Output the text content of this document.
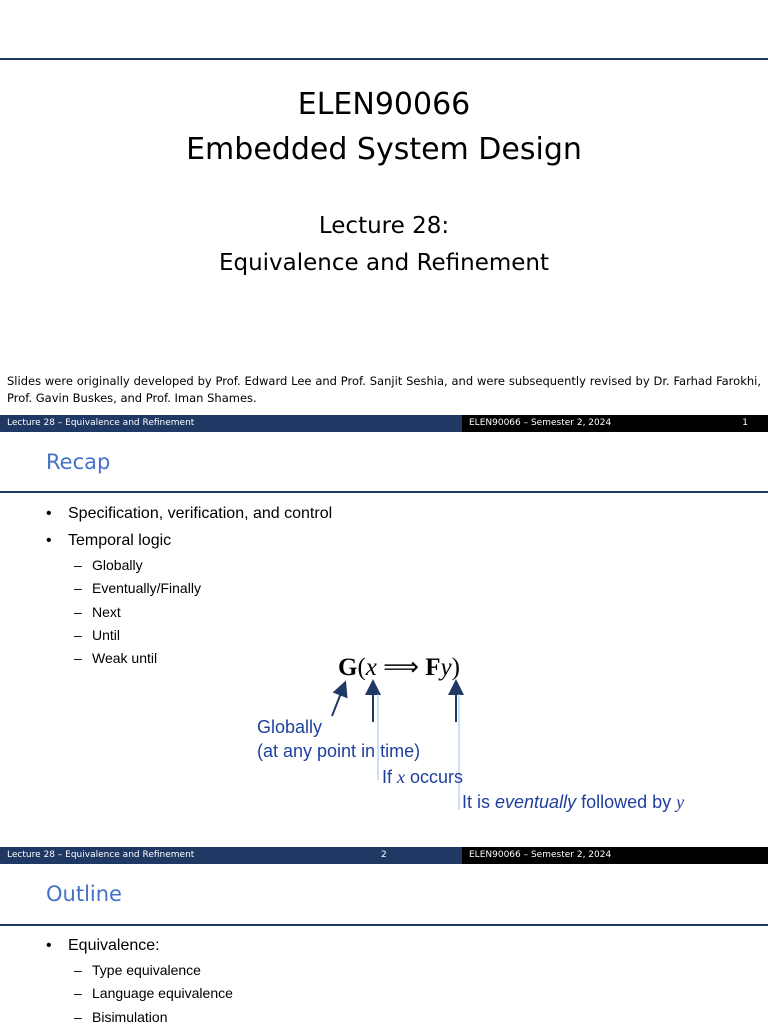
ELEN90066
Embedded System Design
Lecture 28:
Equivalence and Refinement
Slides were originally developed by Prof. Edward Lee and Prof. Sanjit Seshia, and were subsequently revised by Dr. Farhad Farokhi, Prof. Gavin Buskes, and Prof. Iman Shames.
Lecture 28 – Equivalence and Refinement	ELEN90066 – Semester 2, 2024	1
Recap
• Specification, verification, and control
• Temporal logic
– Globally
– Eventually/Finally
– Next
– Until
– Weak until	G(x ⟹ Fy)
Globally
(at any point in time)
If x occurs
It is eventually followed by y
Lecture 28 – Equivalence and Refinement	2	ELEN90066 – Semester 2, 2024
Outline
• Equivalence:
– Type equivalence
– Language equivalence
– Bisimulation
